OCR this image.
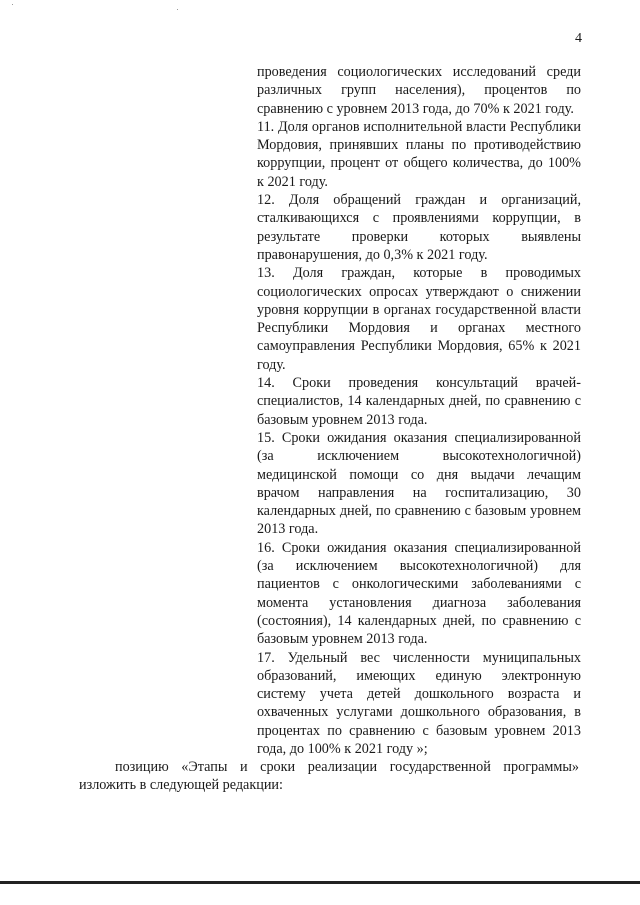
4

проведения социологических исследований среди различных групп населения), процентов по сравнению с уровнем 2013 года, до 70% к 2021 году.

11. Доля органов исполнительной власти Республики Мордовия, принявших планы по противодействию коррупции, процент от общего количества, до 100% к 2021 году.

12. Доля обращений граждан и организаций, сталкивающихся с проявлениями коррупции, в результате проверки которых выявлены правонарушения, до 0,3% к 2021 году.

13. Доля граждан, которые в проводимых социологических опросах утверждают о снижении уровня коррупции в органах государственной власти Республики Мордовия и органах местного самоуправления Республики Мордовия, 65% к 2021 году.

14. Сроки проведения консультаций врачей-специалистов, 14 календарных дней, по сравнению с базовым уровнем 2013 года.

15. Сроки ожидания оказания специализированной (за исключением высокотехнологичной) медицинской помощи со дня выдачи лечащим врачом направления на госпитализацию, 30 календарных дней, по сравнению с базовым уровнем 2013 года.

16. Сроки ожидания оказания специализированной (за исключением высокотехнологичной) для пациентов с онкологическими заболеваниями с момента установления диагноза заболевания (состояния), 14 календарных дней, по сравнению с базовым уровнем 2013 года.

17. Удельный вес численности муниципальных образований, имеющих единую электронную систему учета детей дошкольного возраста и охваченных услугами дошкольного образования, в процентах по сравнению с базовым уровнем 2013 года, до 100% к 2021 году »;

позицию «Этапы и сроки реализации государственной программы»
изложить в следующей редакции:
